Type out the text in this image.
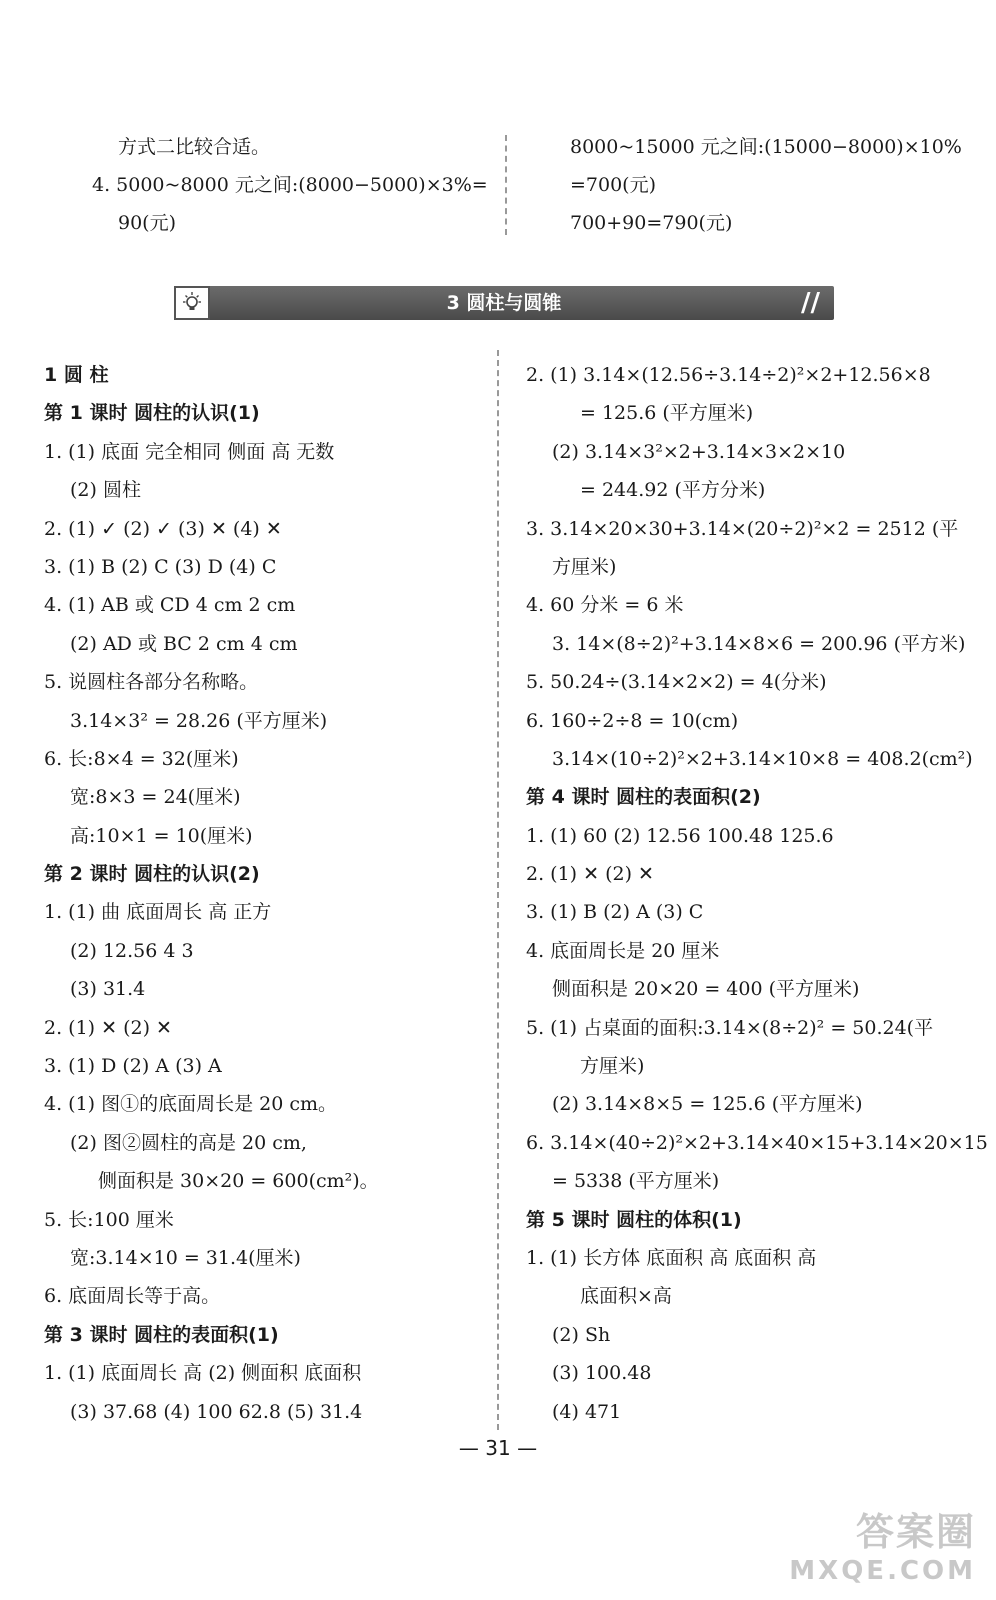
方式二比较合适。
4. 5000~8000 元之间:(8000−5000)×3%=
90(元)
8000~15000 元之间:(15000−8000)×10%
=700(元)
700+90=790(元)
3 圆柱与圆锥	//
1 圆 柱
第 1 课时 圆柱的认识(1)
1. (1) 底面 完全相同 侧面 高 无数
(2) 圆柱
2. (1) ✓ (2) ✓ (3) ✕ (4) ✕
3. (1) B (2) C (3) D (4) C
4. (1) AB 或 CD 4 cm 2 cm
(2) AD 或 BC 2 cm 4 cm
5. 说圆柱各部分名称略。
3.14×3² = 28.26 (平方厘米)
6. 长:8×4 = 32(厘米)
宽:8×3 = 24(厘米)
高:10×1 = 10(厘米)
第 2 课时 圆柱的认识(2)
1. (1) 曲 底面周长 高 正方
(2) 12.56 4 3
(3) 31.4
2. (1) ✕ (2) ✕
3. (1) D (2) A (3) A
4. (1) 图①的底面周长是 20 cm。
(2) 图②圆柱的高是 20 cm,
侧面积是 30×20 = 600(cm²)。
5. 长:100 厘米
宽:3.14×10 = 31.4(厘米)
6. 底面周长等于高。
第 3 课时 圆柱的表面积(1)
1. (1) 底面周长 高 (2) 侧面积 底面积
(3) 37.68 (4) 100 62.8 (5) 31.4
2. (1) 3.14×(12.56÷3.14÷2)²×2+12.56×8
= 125.6 (平方厘米)
(2) 3.14×3²×2+3.14×3×2×10
= 244.92 (平方分米)
3. 3.14×20×30+3.14×(20÷2)²×2 = 2512 (平
方厘米)
4. 60 分米 = 6 米
3. 14×(8÷2)²+3.14×8×6 = 200.96 (平方米)
5. 50.24÷(3.14×2×2) = 4(分米)
6. 160÷2÷8 = 10(cm)
3.14×(10÷2)²×2+3.14×10×8 = 408.2(cm²)
第 4 课时 圆柱的表面积(2)
1. (1) 60 (2) 12.56 100.48 125.6
2. (1) ✕ (2) ✕
3. (1) B (2) A (3) C
4. 底面周长是 20 厘米
侧面积是 20×20 = 400 (平方厘米)
5. (1) 占桌面的面积:3.14×(8÷2)² = 50.24(平
方厘米)
(2) 3.14×8×5 = 125.6 (平方厘米)
6. 3.14×(40÷2)²×2+3.14×40×15+3.14×20×15
= 5338 (平方厘米)
第 5 课时 圆柱的体积(1)
1. (1) 长方体 底面积 高 底面积 高
底面积×高
(2) Sh
(3) 100.48
(4) 471
— 31 —
答案圈
MXQE.COM
